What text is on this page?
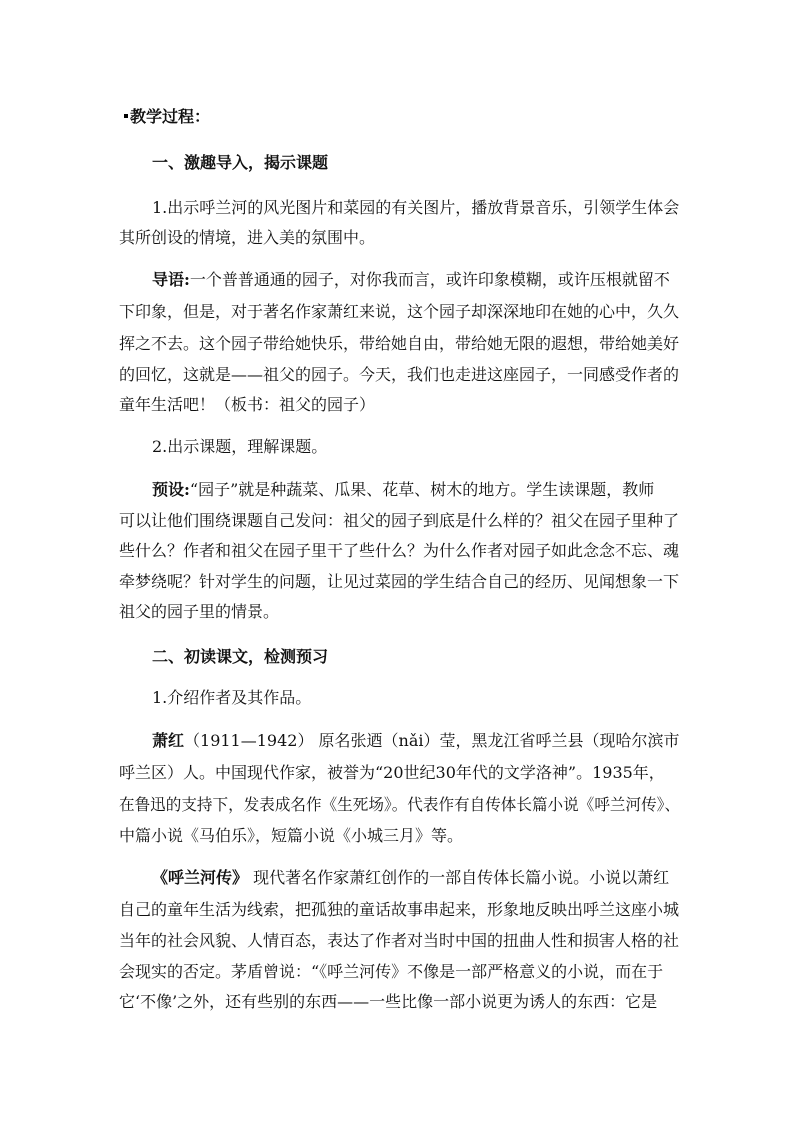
教学过程：

一、激趣导入，揭示课题

1.出示呼兰河的风光图片和菜园的有关图片，播放背景音乐，引领学生体会

其所创设的情境，进入美的氛围中。

导语:一个普普通通的园子，对你我而言，或许印象模糊，或许压根就留不

下印象，但是，对于著名作家萧红来说，这个园子却深深地印在她的心中，久久

挥之不去。这个园子带给她快乐，带给她自由，带给她无限的遐想，带给她美好

的回忆，这就是——祖父的园子。今天，我们也走进这座园子，一同感受作者的

童年生活吧！（板书：祖父的园子）

2.出示课题，理解课题。

预设:“园子”就是种蔬菜、瓜果、花草、树木的地方。学生读课题，教师

可以让他们围绕课题自己发问：祖父的园子到底是什么样的？祖父在园子里种了

些什么？作者和祖父在园子里干了些什么？为什么作者对园子如此念念不忘、魂

牵梦绕呢？针对学生的问题，让见过菜园的学生结合自己的经历、见闻想象一下

祖父的园子里的情景。

二、初读课文，检测预习

1.介绍作者及其作品。

萧红（1911—1942） 原名张迺（nǎi）莹，黑龙江省呼兰县（现哈尔滨市

呼兰区）人。中国现代作家，被誉为“20世纪30年代的文学洛神”。1935年，

在鲁迅的支持下，发表成名作《生死场》。代表作有自传体长篇小说《呼兰河传》、

中篇小说《马伯乐》，短篇小说《小城三月》等。

《呼兰河传》 现代著名作家萧红创作的一部自传体长篇小说。小说以萧红

自己的童年生活为线索，把孤独的童话故事串起来，形象地反映出呼兰这座小城

当年的社会风貌、人情百态，表达了作者对当时中国的扭曲人性和损害人格的社

会现实的否定。茅盾曾说：“《呼兰河传》不像是一部严格意义的小说，而在于

它‘不像’之外，还有些别的东西——一些比像一部小说更为诱人的东西：它是
